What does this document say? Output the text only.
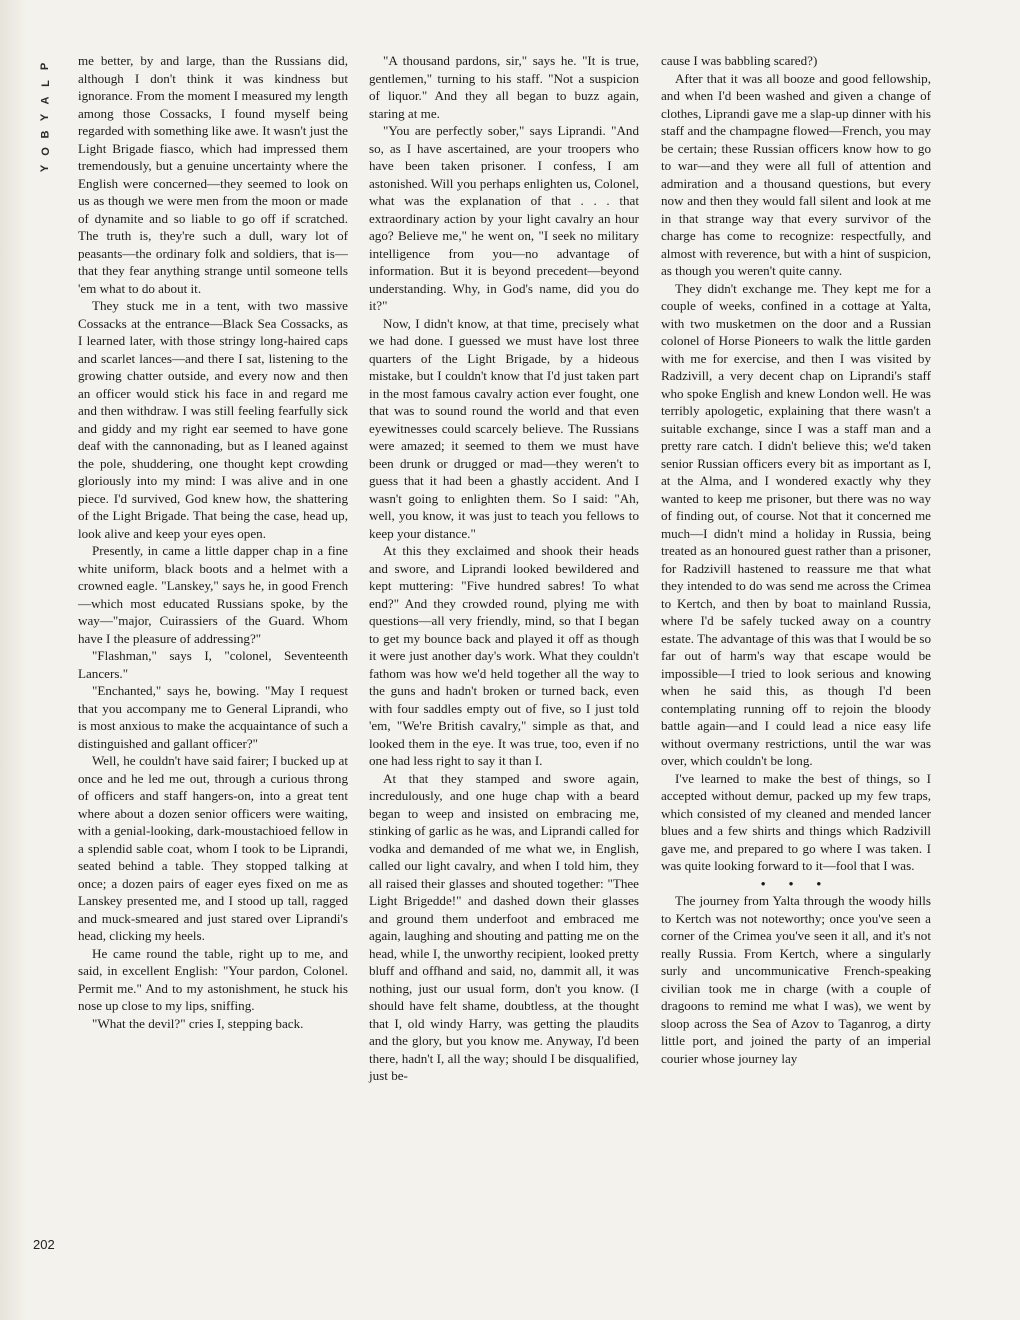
P
L
A
Y
B
O
Y

me better, by and large, than the Russians did, although I don't think it was kindness but ignorance. From the moment I measured my length among those Cossacks, I found myself being regarded with something like awe. It wasn't just the Light Brigade fiasco, which had impressed them tremendously, but a genuine uncertainty where the English were concerned—they seemed to look on us as though we were men from the moon or made of dynamite and so liable to go off if scratched. The truth is, they're such a dull, wary lot of peasants—the ordinary folk and soldiers, that is—that they fear anything strange until someone tells 'em what to do about it.

They stuck me in a tent, with two massive Cossacks at the entrance—Black Sea Cossacks, as I learned later, with those stringy long-haired caps and scarlet lances—and there I sat, listening to the growing chatter outside, and every now and then an officer would stick his face in and regard me and then withdraw. I was still feeling fearfully sick and giddy and my right ear seemed to have gone deaf with the cannonading, but as I leaned against the pole, shuddering, one thought kept crowding gloriously into my mind: I was alive and in one piece. I'd survived, God knew how, the shattering of the Light Brigade. That being the case, head up, look alive and keep your eyes open.

Presently, in came a little dapper chap in a fine white uniform, black boots and a helmet with a crowned eagle. "Lanskey," says he, in good French—which most educated Russians spoke, by the way—"major, Cuirassiers of the Guard. Whom have I the pleasure of addressing?"

"Flashman," says I, "colonel, Seventeenth Lancers."

"Enchanted," says he, bowing. "May I request that you accompany me to General Liprandi, who is most anxious to make the acquaintance of such a distinguished and gallant officer?"

Well, he couldn't have said fairer; I bucked up at once and he led me out, through a curious throng of officers and staff hangers-on, into a great tent where about a dozen senior officers were waiting, with a genial-looking, dark-moustachioed fellow in a splendid sable coat, whom I took to be Liprandi, seated behind a table. They stopped talking at once; a dozen pairs of eager eyes fixed on me as Lanskey presented me, and I stood up tall, ragged and muck-smeared and just stared over Liprandi's head, clicking my heels.

He came round the table, right up to me, and said, in excellent English: "Your pardon, Colonel. Permit me." And to my astonishment, he stuck his nose up close to my lips, sniffing.

"What the devil?" cries I, stepping back.

"A thousand pardons, sir," says he. "It is true, gentlemen," turning to his staff. "Not a suspicion of liquor." And they all began to buzz again, staring at me.

"You are perfectly sober," says Liprandi. "And so, as I have ascertained, are your troopers who have been taken prisoner. I confess, I am astonished. Will you perhaps enlighten us, Colonel, what was the explanation of that . . . that extraordinary action by your light cavalry an hour ago? Believe me," he went on, "I seek no military intelligence from you—no advantage of information. But it is beyond precedent—beyond understanding. Why, in God's name, did you do it?"

Now, I didn't know, at that time, precisely what we had done. I guessed we must have lost three quarters of the Light Brigade, by a hideous mistake, but I couldn't know that I'd just taken part in the most famous cavalry action ever fought, one that was to sound round the world and that even eyewitnesses could scarcely believe. The Russians were amazed; it seemed to them we must have been drunk or drugged or mad—they weren't to guess that it had been a ghastly accident. And I wasn't going to enlighten them. So I said: "Ah, well, you know, it was just to teach you fellows to keep your distance."

At this they exclaimed and shook their heads and swore, and Liprandi looked bewildered and kept muttering: "Five hundred sabres! To what end?" And they crowded round, plying me with questions—all very friendly, mind, so that I began to get my bounce back and played it off as though it were just another day's work. What they couldn't fathom was how we'd held together all the way to the guns and hadn't broken or turned back, even with four saddles empty out of five, so I just told 'em, "We're British cavalry," simple as that, and looked them in the eye. It was true, too, even if no one had less right to say it than I.

At that they stamped and swore again, incredulously, and one huge chap with a beard began to weep and insisted on embracing me, stinking of garlic as he was, and Liprandi called for vodka and demanded of me what we, in English, called our light cavalry, and when I told him, they all raised their glasses and shouted together: "Thee Light Brigedde!" and dashed down their glasses and ground them underfoot and embraced me again, laughing and shouting and patting me on the head, while I, the unworthy recipient, looked pretty bluff and offhand and said, no, dammit all, it was nothing, just our usual form, don't you know. (I should have felt shame, doubtless, at the thought that I, old windy Harry, was getting the plaudits and the glory, but you know me. Anyway, I'd been there, hadn't I, all the way; should I be disqualified, just be-

cause I was babbling scared?)

After that it was all booze and good fellowship, and when I'd been washed and given a change of clothes, Liprandi gave me a slap-up dinner with his staff and the champagne flowed—French, you may be certain; these Russian officers know how to go to war—and they were all full of attention and admiration and a thousand questions, but every now and then they would fall silent and look at me in that strange way that every survivor of the charge has come to recognize: respectfully, and almost with reverence, but with a hint of suspicion, as though you weren't quite canny.

They didn't exchange me. They kept me for a couple of weeks, confined in a cottage at Yalta, with two musketmen on the door and a Russian colonel of Horse Pioneers to walk the little garden with me for exercise, and then I was visited by Radzivill, a very decent chap on Liprandi's staff who spoke English and knew London well. He was terribly apologetic, explaining that there wasn't a suitable exchange, since I was a staff man and a pretty rare catch. I didn't believe this; we'd taken senior Russian officers every bit as important as I, at the Alma, and I wondered exactly why they wanted to keep me prisoner, but there was no way of finding out, of course. Not that it concerned me much—I didn't mind a holiday in Russia, being treated as an honoured guest rather than a prisoner, for Radzivill hastened to reassure me that what they intended to do was send me across the Crimea to Kertch, and then by boat to mainland Russia, where I'd be safely tucked away on a country estate. The advantage of this was that I would be so far out of harm's way that escape would be impossible—I tried to look serious and knowing when he said this, as though I'd been contemplating running off to rejoin the bloody battle again—and I could lead a nice easy life without overmany restrictions, until the war was over, which couldn't be long.

I've learned to make the best of things, so I accepted without demur, packed up my few traps, which consisted of my cleaned and mended lancer blues and a few shirts and things which Radzivill gave me, and prepared to go where I was taken. I was quite looking forward to it—fool that I was.

• • •

The journey from Yalta through the woody hills to Kertch was not noteworthy; once you've seen a corner of the Crimea you've seen it all, and it's not really Russia. From Kertch, where a singularly surly and uncommunicative French-speaking civilian took me in charge (with a couple of dragoons to remind me what I was), we went by sloop across the Sea of Azov to Taganrog, a dirty little port, and joined the party of an imperial courier whose journey lay

202
